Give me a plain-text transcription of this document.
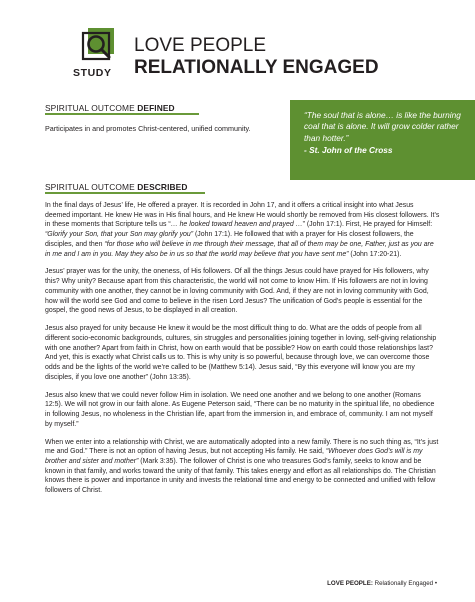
STUDY
LOVE PEOPLE
RELATIONALLY ENGAGED
SPIRITUAL OUTCOME DEFINED
Participates in and promotes Christ-centered, unified community.
“The soul that is alone… is like the burning coal that is alone. It will grow colder rather than hotter.”
- St. John of the Cross
SPIRITUAL OUTCOME DESCRIBED

In the final days of Jesus’ life, He offered a prayer. It is recorded in John 17, and it offers a critical insight into what Jesus deemed important. He knew He was in His final hours, and He knew He would shortly be removed from His closest followers. It’s in these moments that Scripture tells us “… he looked toward heaven and prayed …” (John 17:1). First, He prayed for Himself: “Glorify your Son, that your Son may glorify you” (John 17:1). He followed that with a prayer for His closest followers, the disciples, and then “for those who will believe in me through their message, that all of them may be one, Father, just as you are in me and I am in you. May they also be in us so that the world may believe that you have sent me” (John 17:20-21).

Jesus’ prayer was for the unity, the oneness, of His followers. Of all the things Jesus could have prayed for His followers, why this? Why unity? Because apart from this characteristic, the world will not come to know Him. If His followers are not in loving community with one another, they cannot be in loving community with God. And, if they are not in loving community with God, how will the world see God and come to believe in the risen Lord Jesus? The unification of God’s people is essential for the gospel, the good news of Jesus, to be displayed in all creation.

Jesus also prayed for unity because He knew it would be the most difficult thing to do. What are the odds of people from all different socio-economic backgrounds, cultures, sin struggles and personalities joining together in loving, self-giving relationship with one another? Apart from faith in Christ, how on earth would that be possible? How on earth could those relationships last? And yet, this is exactly what Christ calls us to. This is why unity is so powerful, because through love, we can overcome those odds and be the lights of the world we’re called to be (Matthew 5:14). Jesus said, “By this everyone will know you are my disciples, if you love one another” (John 13:35).

Jesus also knew that we could never follow Him in isolation. We need one another and we belong to one another (Romans 12:5). We will not grow in our faith alone. As Eugene Peterson said, “There can be no maturity in the spiritual life, no obedience in following Jesus, no wholeness in the Christian life, apart from the immersion in, and embrace of, community. I am not myself by myself.”

When we enter into a relationship with Christ, we are automatically adopted into a new family. There is no such thing as, “It’s just me and God.” There is not an option of having Jesus, but not accepting His family. He said, “Whoever does God’s will is my brother and sister and mother” (Mark 3:35). The follower of Christ is one who treasures God’s family, seeks to know and be known in that family, and works toward the unity of that family. This takes energy and effort as all relationships do. The Christian knows there is power and importance in unity and invests the relational time and energy to be connected and unified with fellow followers of Christ.

LOVE PEOPLE: Relationally Engaged •
